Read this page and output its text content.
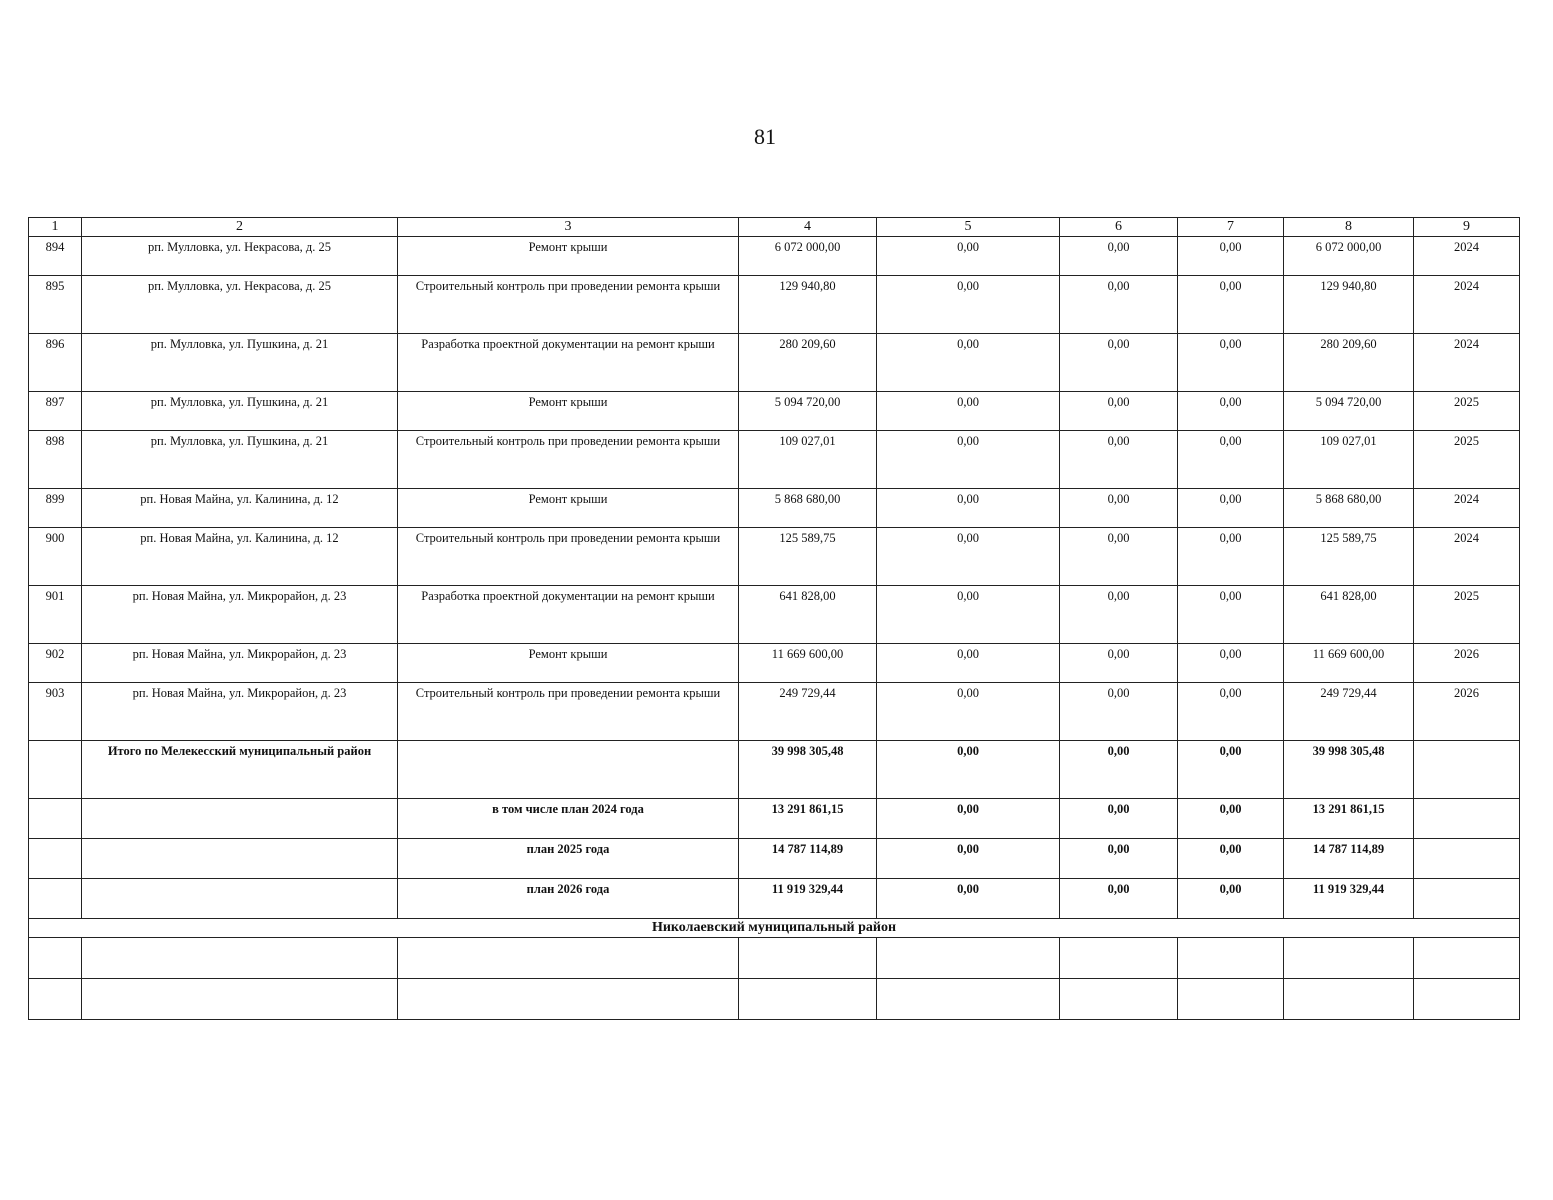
81
1	2	3	4	5	6	7	8	9
894	рп. Мулловка, ул. Некрасова, д. 25	Ремонт крыши	6 072 000,00	0,00	0,00	0,00	6 072 000,00	2024
895	рп. Мулловка, ул. Некрасова, д. 25	Строительный контроль при проведении ремонта крыши	129 940,80	0,00	0,00	0,00	129 940,80	2024
896	рп. Мулловка, ул. Пушкина, д. 21	Разработка проектной документации на ремонт крыши	280 209,60	0,00	0,00	0,00	280 209,60	2024
897	рп. Мулловка, ул. Пушкина, д. 21	Ремонт крыши	5 094 720,00	0,00	0,00	0,00	5 094 720,00	2025
898	рп. Мулловка, ул. Пушкина, д. 21	Строительный контроль при проведении ремонта крыши	109 027,01	0,00	0,00	0,00	109 027,01	2025
899	рп. Новая Майна, ул. Калинина, д. 12	Ремонт крыши	5 868 680,00	0,00	0,00	0,00	5 868 680,00	2024
900	рп. Новая Майна, ул. Калинина, д. 12	Строительный контроль при проведении ремонта крыши	125 589,75	0,00	0,00	0,00	125 589,75	2024
901	рп. Новая Майна, ул. Микрорайон, д. 23	Разработка проектной документации на ремонт крыши	641 828,00	0,00	0,00	0,00	641 828,00	2025
902	рп. Новая Майна, ул. Микрорайон, д. 23	Ремонт крыши	11 669 600,00	0,00	0,00	0,00	11 669 600,00	2026
903	рп. Новая Майна, ул. Микрорайон, д. 23	Строительный контроль при проведении ремонта крыши	249 729,44	0,00	0,00	0,00	249 729,44	2026
	Итого по Мелекесский муниципальный район		39 998 305,48	0,00	0,00	0,00	39 998 305,48	
		в том числе план 2024 года	13 291 861,15	0,00	0,00	0,00	13 291 861,15	
		план 2025 года	14 787 114,89	0,00	0,00	0,00	14 787 114,89	
		план 2026 года	11 919 329,44	0,00	0,00	0,00	11 919 329,44	
Николаевский муниципальный район								
